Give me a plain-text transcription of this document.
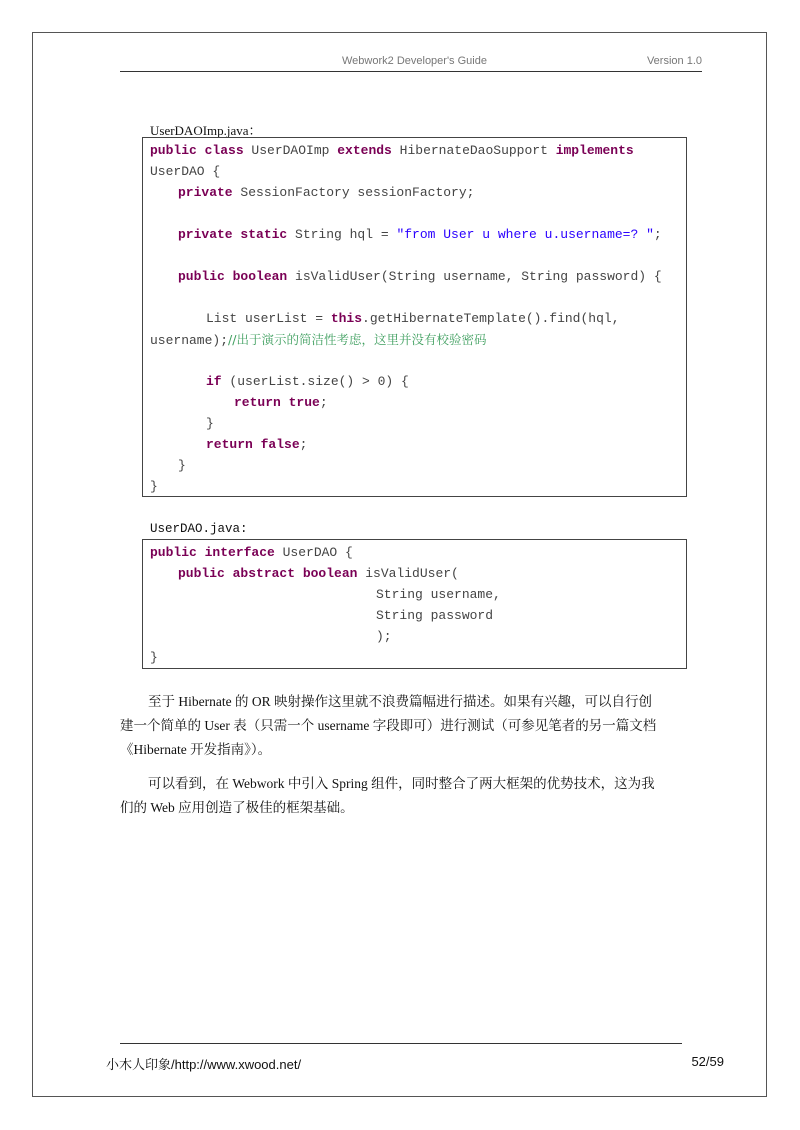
Webwork2 Developer's Guide	Version 1.0
UserDAOImp.java：
public class UserDAOImp extends HibernateDaoSupport implements
UserDAO {
private SessionFactory sessionFactory;
private static String hql = "from User u where u.username=? ";
public boolean isValidUser(String username, String password) {
List userList = this.getHibernateTemplate().find(hql,
username);//出于演示的简洁性考虑，这里并没有校验密码
if (userList.size() > 0) {
return true;
}
return false;
}
}
UserDAO.java:
public interface UserDAO {
public abstract boolean isValidUser(
String username,
String password
);
}
至于 Hibernate 的 OR 映射操作这里就不浪费篇幅进行描述。如果有兴趣，可以自行创
建一个简单的 User 表（只需一个 username 字段即可）进行测试（可参见笔者的另一篇文档
《Hibernate 开发指南》）。
可以看到，在 Webwork 中引入 Spring 组件，同时整合了两大框架的优势技术，这为我
们的 Web 应用创造了极佳的框架基础。
小木人印象/http://www.xwood.net/	52/59
